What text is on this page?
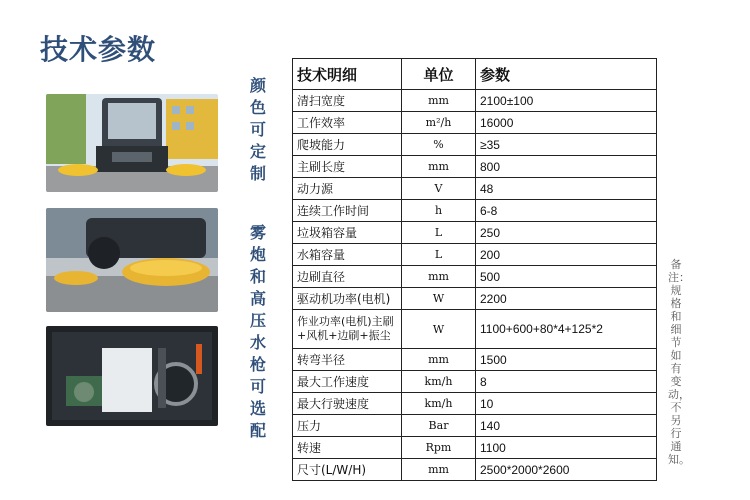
技术参数
颜色可定制
雾炮和高压水枪可选配
备注：规格和细节如有变动，不另行通知。
技术明细	单位	参数
清扫宽度	mm	2100±100
工作效率	m²/h	16000
爬坡能力	%	≥35
主刷长度	mm	800
动力源	V	48
连续工作时间	h	6-8
垃圾箱容量	L	250
水箱容量	L	200
边刷直径	mm	500
驱动机功率(电机)	W	2200
作业功率(电机)主刷+风机+边刷+振尘	W	1100+600+80*4+125*2
转弯半径	mm	1500
最大工作速度	km/h	8
最大行驶速度	km/h	10
压力	Bar	140
转速	Rpm	1100
尺寸(L/W/H)	mm	2500*2000*2600
